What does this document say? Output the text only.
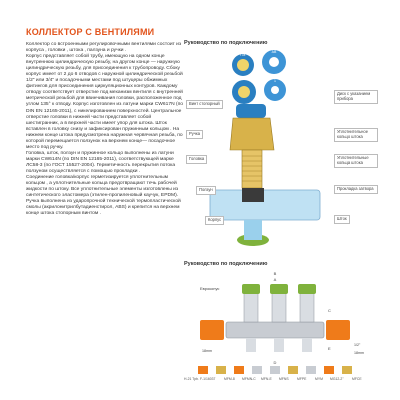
КОЛЛЕКТОР С ВЕНТИЛЯМИ

Коллектор со встроенными регулировочными вентилями состоит из корпуса , головки , штока , палзуна и ручки .

Корпус представляет собой трубу, имеющую на одном конце внутреннюю цилиндрическую резьбу, на другом конце — наружную цилиндрическую резьбу, для присоединения к трубопроводу. Сбоку корпус имеет от 2 до 6 отводов с наружной цилиндрической резьбой 1/2" или 3/4" и посадочными местами под штуцеры обжимных фитингов для присоединения циркуляционных контуров. Каждому отводу соответствует отверстие под механизм вентиля с внутренней метрической резьбой для ввинчивания головки, расположенное под углом 135° к отводу. Корпус изготовлен из латуни марки CW617N (по DIN EN 12165-2011), с никелированием поверхностей. Центральное отверстие головки в нижней части представляет собой шестигранник, а в верхней части имеет упор для штока. Шток вставлен в головку снизу и зафиксирован пружинным кольцом . На нижнем конце штока предусмотрена наружная червячная резьба, по которой перемещается ползунок на верхнем конце— посадочное место под ручку.

Головка, шток, ползун и пружинное кольцо выполнены из латуни марки CW614N (по DIN EN 12165-2011), соответствующей марке ЛС58-3 (по ГОСТ 15527-2004). Герметичность перекрытия потока ползуном осуществляется с помощью прокладки .

Соединение головка/корпус герметизируется уплотнительным кольцом , а уплотнительные кольца предотвращают течь рабочей жидкости по штоку. Все уплотнительные элементы изготовлены из синтетического эластомера (этилен-пропиленовый каучук, EPDM). Ручка выполнена из ударопрочной технической термопластической смолы (акрилонитрилбутадиенстирол, ABS) и крепится на верхнем конце штока стопорным винтом .

Руководство по подключению
T.M.
AB
1
Винт стопорный
Ручка
Головка
Ползун
Корпус
Диск с указанием прибора
Уплотнительное кольцо штока
Уплотнительные кольца штока
Прокладка затвора
Шток
Руководство по подключению
Евроконус
B
A
C
E
D
18mm
1/2"
18mm
H-21 Tpb. F-1/16037	MFM-8 MFMN-C MFN-E MFNS MFPE	MYM MG12-2"	MFCE
